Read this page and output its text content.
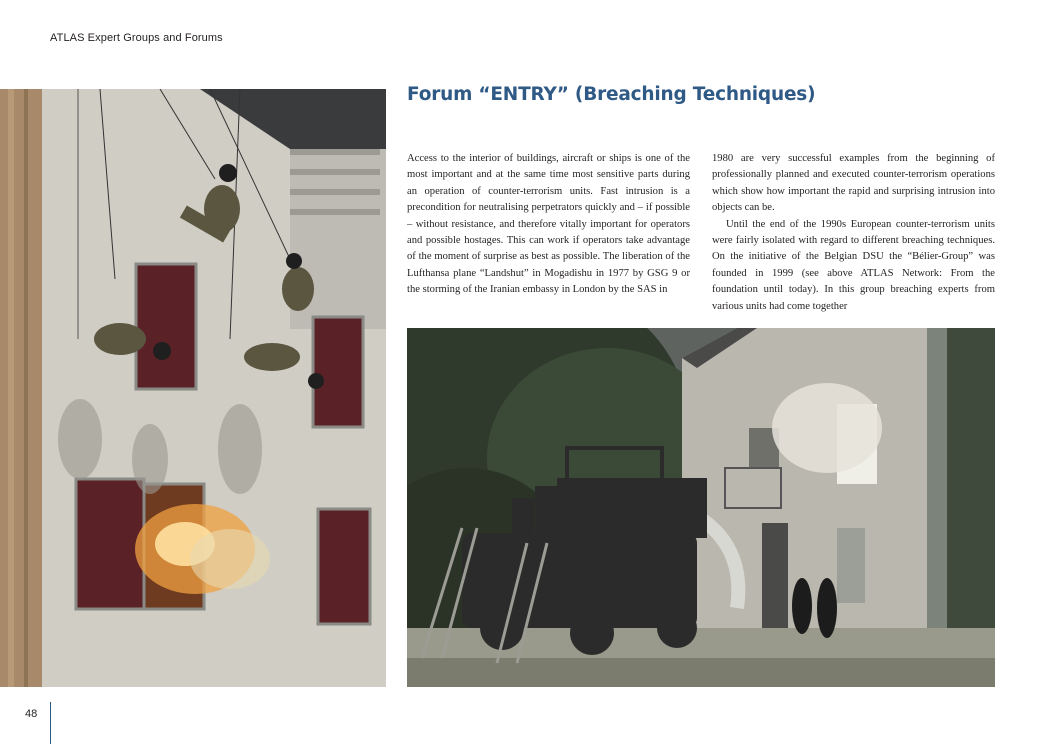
ATLAS Expert Groups and Forums
Forum “ENTRY” (Breaching Techniques)

Access to the interior of buildings, aircraft or ships is one of the most important and at the same time most sensitive parts during an operation of counter-terrorism units. Fast intrusion is a precondition for neutralising perpetrators quickly and – if possible – without resistance, and therefore vitally important for operators and possible hostages. This can work if operators take advantage of the moment of surprise as best as possible. The liberation of the Lufthansa plane “Landshut” in Mogadishu in 1977 by GSG 9 or the storming of the Iranian embassy in London by the SAS in

1980 are very successful examples from the beginning of professionally planned and executed counter-terrorism operations which show how important the rapid and surprising intrusion into objects can be.

Until the end of the 1990s European counter-terrorism units were fairly isolated with regard to different breaching techniques. On the initiative of the Belgian DSU the “Bélier-Group” was founded in 1999 (see above ATLAS Network: From the foundation until today). In this group breaching experts from various units had come together

48
